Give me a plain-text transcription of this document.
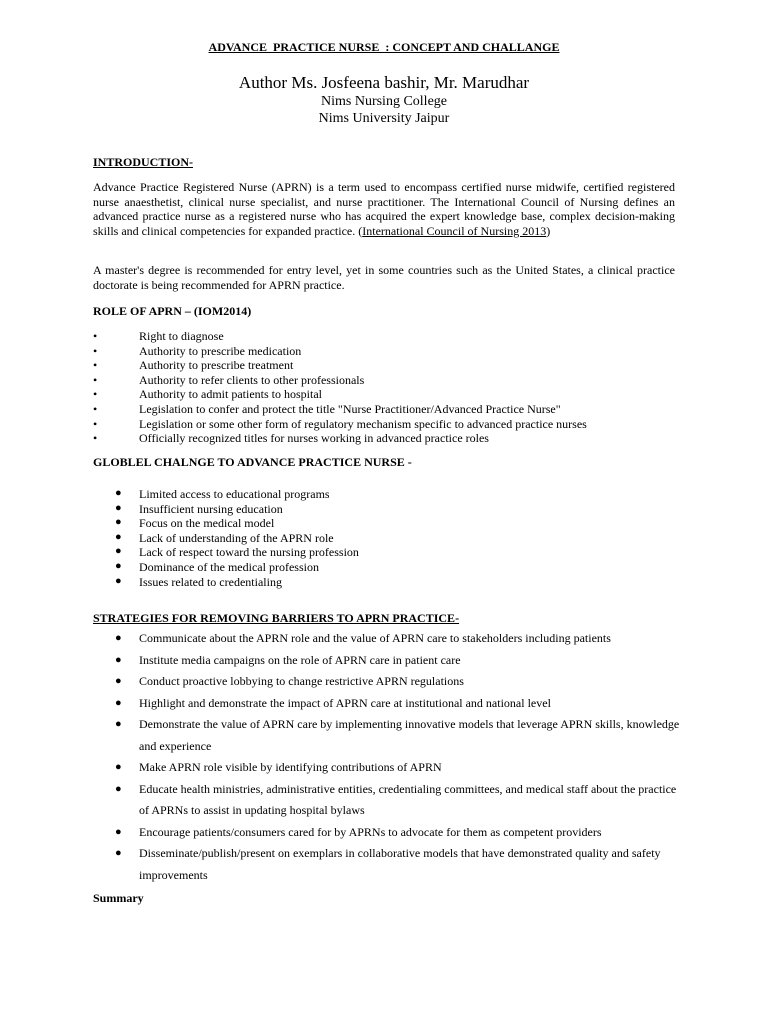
ADVANCE  PRACTICE NURSE  : CONCEPT AND CHALLANGE
Author Ms. Josfeena bashir, Mr. Marudhar
Nims Nursing College
Nims University Jaipur
INTRODUCTION-
Advance Practice Registered Nurse (APRN) is a term used to encompass certified nurse midwife, certified registered nurse anaesthetist, clinical nurse specialist, and nurse practitioner. The International Council of Nursing defines an advanced practice nurse as a registered nurse who has acquired the expert knowledge base, complex decision-making skills and clinical competencies for expanded practice. (International Council of Nursing 2013)
A master's degree is recommended for entry level, yet in some countries such as the United States, a clinical practice doctorate is being recommended for APRN practice.
ROLE OF APRN – (IOM2014)
•	Right to diagnose
•	Authority to prescribe medication
•	Authority to prescribe treatment
•	Authority to refer clients to other professionals
•	Authority to admit patients to hospital
•	Legislation to confer and protect the title "Nurse Practitioner/Advanced Practice Nurse"
•	Legislation or some other form of regulatory mechanism specific to advanced practice nurses
•	Officially recognized titles for nurses working in advanced practice roles
GLOBLEL CHALNGE TO ADVANCE PRACTICE NURSE -
● Limited access to educational programs
● Insufficient nursing education
● Focus on the medical model
● Lack of understanding of the APRN role
● Lack of respect toward the nursing profession
● Dominance of the medical profession
● Issues related to credentialing
STRATEGIES FOR REMOVING BARRIERS TO APRN PRACTICE-
● Communicate about the APRN role and the value of APRN care to stakeholders including patients
● Institute media campaigns on the role of APRN care in patient care
● Conduct proactive lobbying to change restrictive APRN regulations
● Highlight and demonstrate the impact of APRN care at institutional and national level
● Demonstrate the value of APRN care by implementing innovative models that leverage APRN skills, knowledge and experience
● Make APRN role visible by identifying contributions of APRN
● Educate health ministries, administrative entities, credentialing committees, and medical staff about the practice of APRNs to assist in updating hospital bylaws
● Encourage patients/consumers cared for by APRNs to advocate for them as competent providers
● Disseminate/publish/present on exemplars in collaborative models that have demonstrated quality and safety improvements
Summary
